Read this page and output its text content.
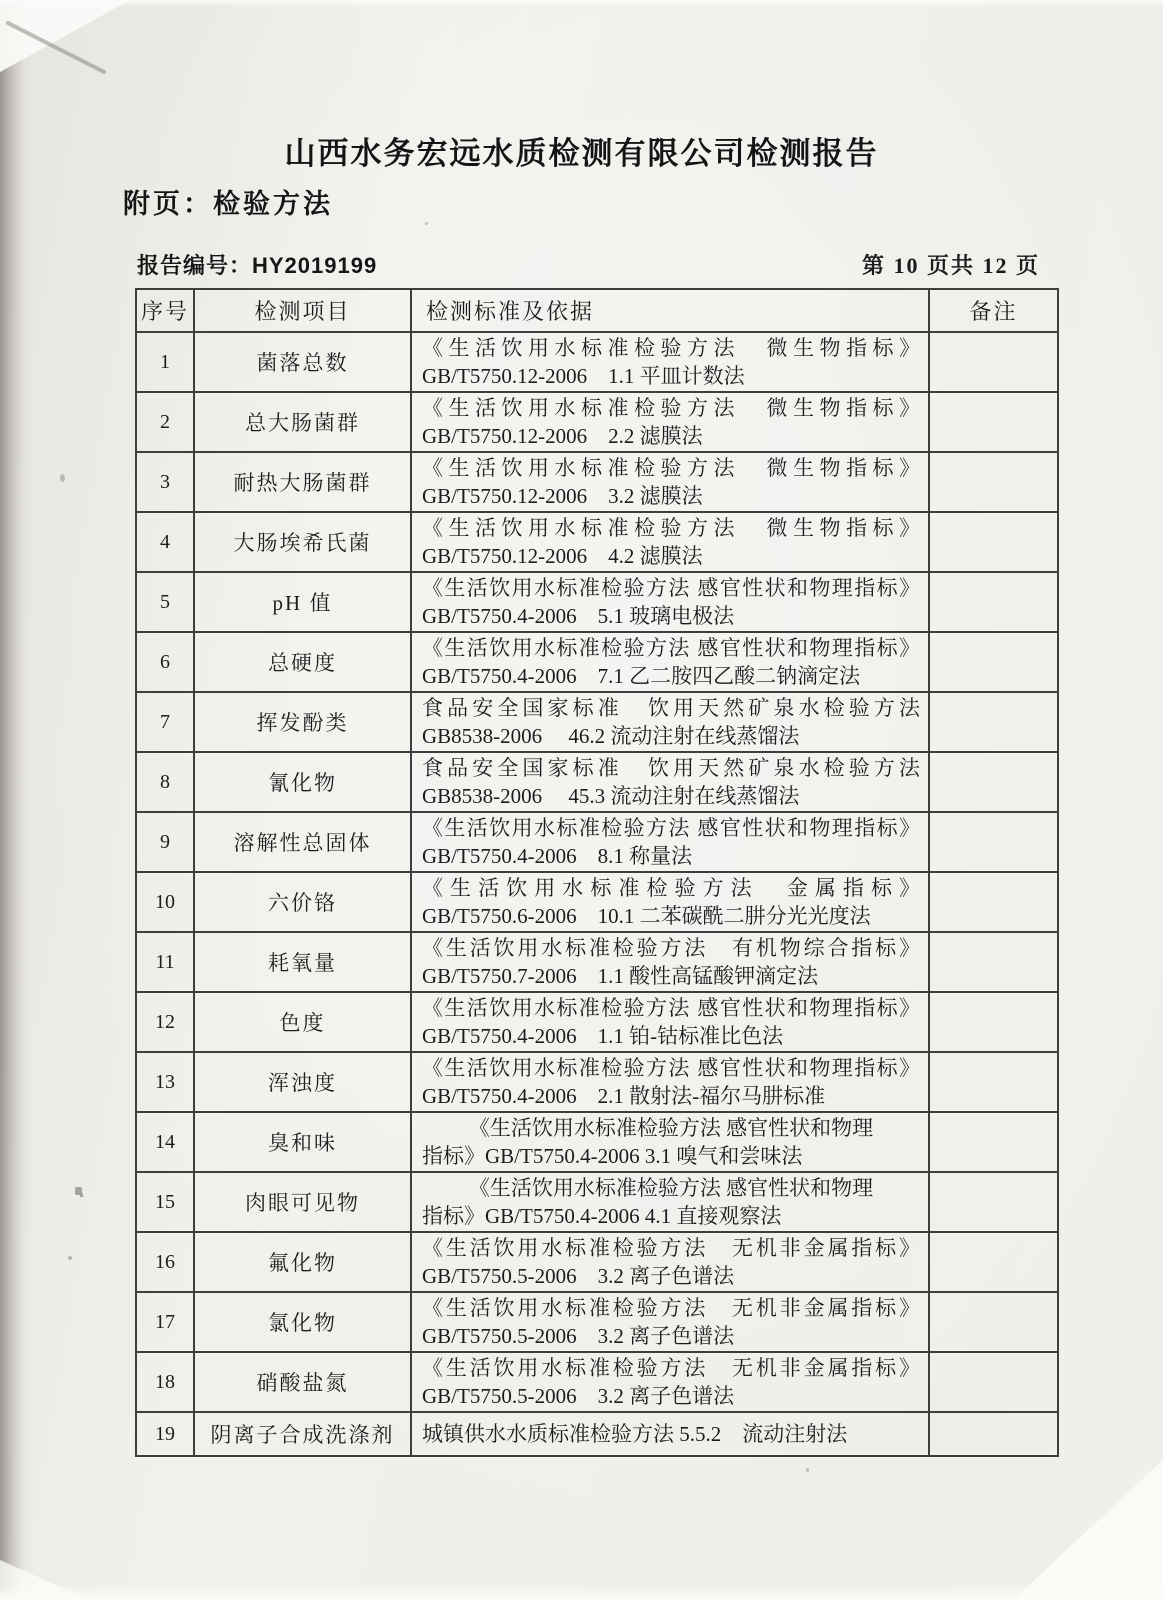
山西水务宏远水质检测有限公司检测报告
附页：检验方法
报告编号：HY2019199	第 10 页共 12 页
序号	检测项目	检测标准及依据	备注
1	菌落总数	《生活饮用水标准检验方法　微生物指标》
GB/T5750.12-2006　1.1 平皿计数法	

2	总大肠菌群	《生活饮用水标准检验方法　微生物指标》
GB/T5750.12-2006　2.2 滤膜法	

3	耐热大肠菌群	《生活饮用水标准检验方法　微生物指标》
GB/T5750.12-2006　3.2 滤膜法	

4	大肠埃希氏菌	《生活饮用水标准检验方法　微生物指标》
GB/T5750.12-2006　4.2 滤膜法	

5	pH 值	《生活饮用水标准检验方法 感官性状和物理指标》
GB/T5750.4-2006　5.1 玻璃电极法	

6	总硬度	《生活饮用水标准检验方法 感官性状和物理指标》
GB/T5750.4-2006　7.1 乙二胺四乙酸二钠滴定法	

7	挥发酚类	食品安全国家标准　饮用天然矿泉水检验方法
GB8538-2006　 46.2 流动注射在线蒸馏法	

8	氰化物	食品安全国家标准　饮用天然矿泉水检验方法
GB8538-2006　 45.3 流动注射在线蒸馏法	

9	溶解性总固体	《生活饮用水标准检验方法 感官性状和物理指标》
GB/T5750.4-2006　8.1 称量法	

10	六价铬	《生活饮用水标准检验方法　金属指标》
GB/T5750.6-2006　10.1 二苯碳酰二肼分光光度法	

11	耗氧量	《生活饮用水标准检验方法　有机物综合指标》
GB/T5750.7-2006　1.1 酸性高锰酸钾滴定法	

12	色度	《生活饮用水标准检验方法 感官性状和物理指标》
GB/T5750.4-2006　1.1 铂-钴标准比色法	

13	浑浊度	《生活饮用水标准检验方法 感官性状和物理指标》
GB/T5750.4-2006　2.1 散射法-福尔马肼标准	

14	臭和味	《生活饮用水标准检验方法 感官性状和物理
指标》GB/T5750.4-2006 3.1 嗅气和尝味法	

15	肉眼可见物	《生活饮用水标准检验方法 感官性状和物理
指标》GB/T5750.4-2006 4.1 直接观察法	

16	氟化物	《生活饮用水标准检验方法　无机非金属指标》
GB/T5750.5-2006　3.2 离子色谱法	

17	氯化物	《生活饮用水标准检验方法　无机非金属指标》
GB/T5750.5-2006　3.2 离子色谱法	

18	硝酸盐氮	《生活饮用水标准检验方法　无机非金属指标》
GB/T5750.5-2006　3.2 离子色谱法	

19	阴离子合成洗涤剂	城镇供水水质标准检验方法 5.5.2　流动注射法	
